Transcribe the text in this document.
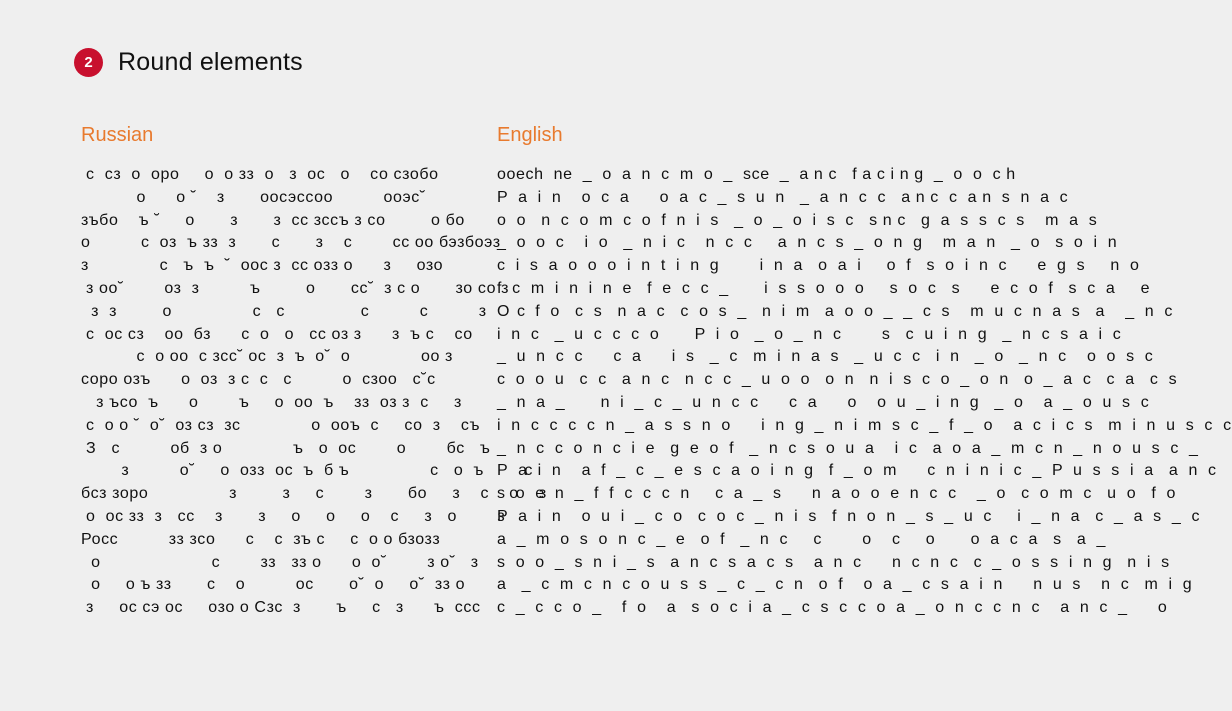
2	Round elements
Russian
с  сз  о  оро     о  о зз  о   з  ос   о    со сзобо
о      о ˘    з       оосэссоо          ооэс˘
зъбо    ъ ˘     о       з       з  сс зссъ з со         о бо
о          с  оз  ъ зз  з       с       з    с        сс оо бэзбоэз
з              с   ъ  ъ  ˘  оос з  сс озз о      з     озо
з оо˘        оз  з          ъ         о       сс˘  з с о       зо со з
з  з         о                с   с               с          с          з      с
с  ос сз    оо  бз      с  о   о   сс оз з      з  ъ с    со
с  о оо  с зсс˘ ос  з  ъ  о˘  о              оо з
соро озъ      о  оз  з с  с   с          о  сзоо   с˘с
з ъсо  ъ      о        ъ     о  оо  ъ    зз  оз з  с     з
с  о о ˘  о˘  оз сз  зс              о  ооъ  с     со  з    съ
З   с          об  з о              ъ   о  ос        о        бс   ъ
з          о˘     о  озз  ос  ъ  б ъ                с   о  ъ        с
бсз зоро                з         з     с        з       бо     з    с    о    з
о  ос зз  з   сс    з       з     о     о     о    с     з   о        з
Росс          зз зсо      с    с  зъ с     с  о о бзозз
о                      с        зз   зз о      о  о˘        з о˘   з
о     о ъ зз       с    о          ос       о˘  о     о˘  зз о
з     ос сэ ос     озо о Сзс  з       ъ     с   з      ъ  ссс
English
ooech  ne  _  o  a  n  c  m  o  _  sce  _  a n c   f a c i n g  _  o  o  c h
P  a  i  n    o  c  a      o  a  c  _  s  u  n   _  a  n  c  c   a n c  c  a n  s  n  a  c
o  o   n  c  o  m  c  o  f  n  i  s   _  o  _  o  i  s  c   s n c   g  a  s  s  c  s    m  a  s
_  o  o  c    i  o   _  n  i  c    n  c  c     a  n  c  s  _  o  n  g    m  a  n   _  o   s  o  i  n
c  i  s  a  o  o  o  i  n  t  i  n  g        i  n  a   o  a  i     o  f   s  o  i  n  c      e  g  s     n  o
f  c  m  i  n  i  n  e   f  e  c  c  _       i  s  s  o  o  o     s  o  c   s      e  c  o  f   s  c  a     e
O     f  o   c  s   n  a  c   c  o  s  _   n  i  m   a  o  o  _  _  c  s    m  u  c  n  a  s   a    _  n  c
i  n  c   _  u  c  c  c  o       P  i  o   _  o  _  n  c        s   c  u  i  n  g   _  n  c  s  a  i  c
_  u  n  c  c      c  a      i  s   _  c   m  i  n  a  s   _  u  c  c   i  n   _  o   _  n  c    o  o  s  c
c  o  o  u   c  c   a  n  c   n  c  c  _  u  o  o   o  n   n  i  s  c  o  _  o  n   o  _  a  c   c  a   c  s
_  n  a  _       n  i  _  c  _  u  n  c  c      c  a      o    o  u  _  i  n  g   _  o    a  _  o  u  s  c
i  n  c  c  c  c  n  _  a  s  s  n  o      i  n  g  _  n  i  m  s  c  _  f  _  o    a  c  i  c  s   m  i  n  u  s  c  c
_  n  c  c  o  n  c  i  e   g  e  o  f   _  n  c  s  o  u  a    i  c   a  o  a  _  m  c  n  _  n  o  u  s  c  _
P  a  i  n    a  f  _  c  _  e  s  c  a  o  i  n  g   f  _  o  m      c  n  i  n  i  c  _  P  u  s  s  i  a   a  n  c
s  o  e  n  _  f  f  c  c  c  n     c  a  _  s      n  a  o  o  e  n  c  c    _  o   c  o  m  c   u  o   f  o
P  a  i  n    o  u  i  _  c  o   c  o  c  _  n  i  s   f  n  o  n  _  s  _  u  c     i  _  n  a   c  _  a  s  _  c
a  _  m  o  s  o  n  c  _  e   o  f   _  n  c     c        o    c     o       o  a  c  a   s   a  _
s  o  o  _  s  n  i  _  s   a  n  c  s  a  c  s    a  n  c      n  c  n  c   c  _  o  s  s  i  n  g   n  i  s
a   _  c  m  c  n  c  o  u  s  s  _  c  _  c  n   o  f    o  a  _  c  s  a  i  n      n  u  s    n  c   m  i  g
c  _  c  c  o  _    f  o    a   s  o  c  i  a  _  c  s  c  c  o  a  _  o  n  c  c  n  c    a  n  c  _      o
